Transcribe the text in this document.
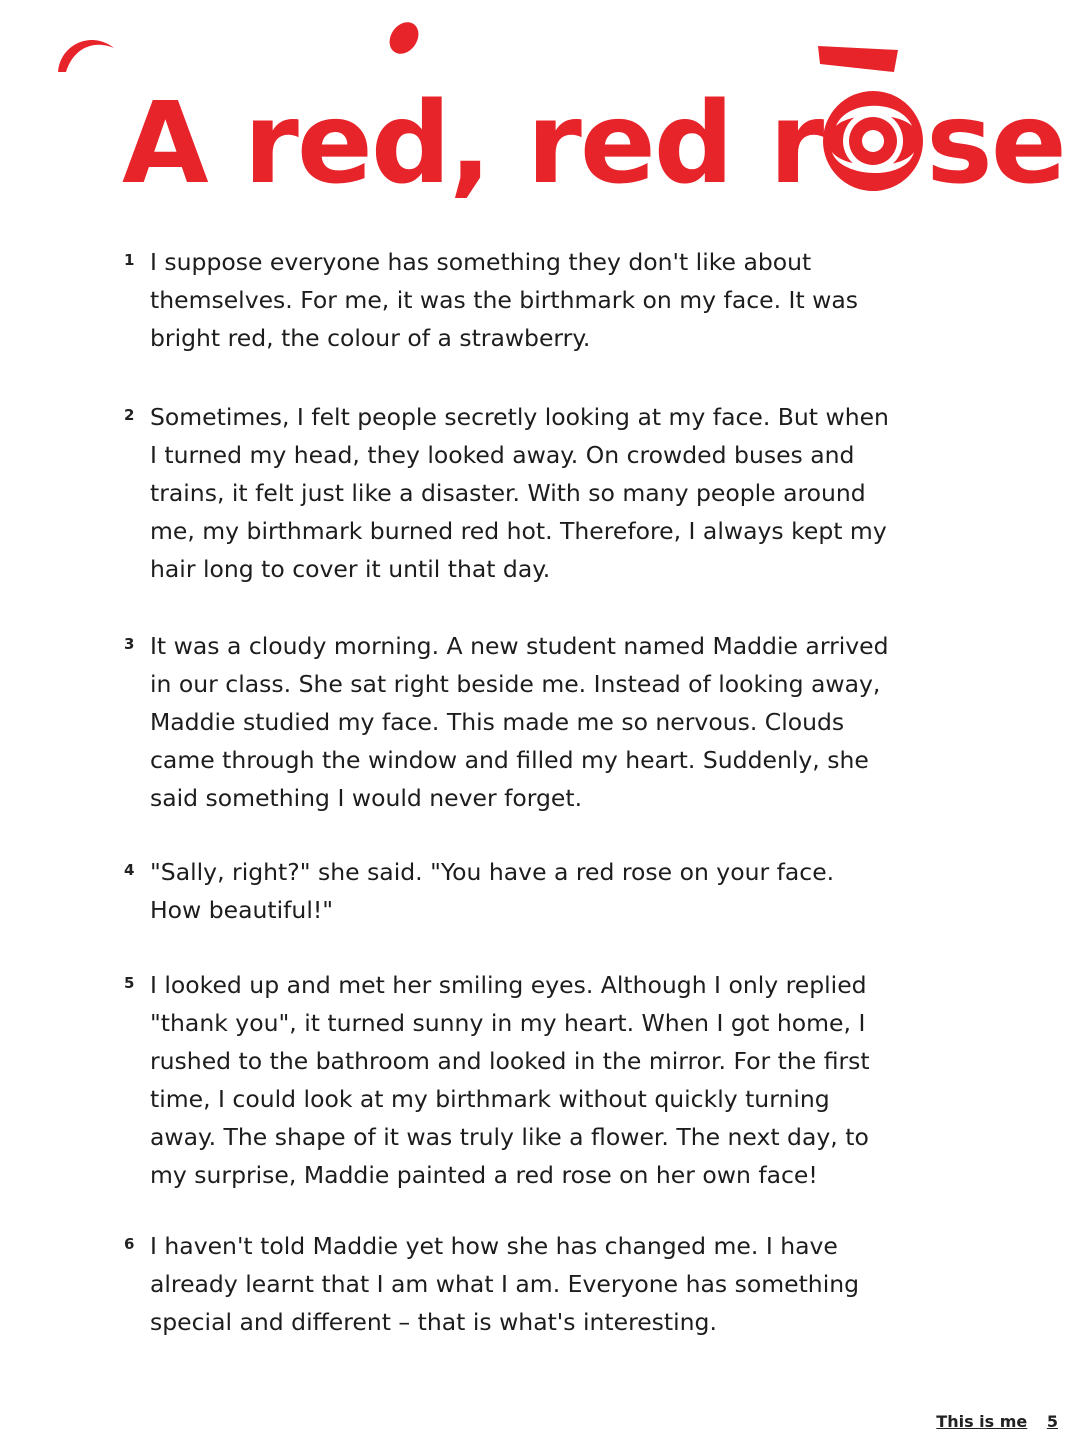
A red, red r se
1 I suppose everyone has something they don't like about themselves. For me, it was the birthmark on my face. It was bright red, the colour of a strawberry.
2 Sometimes, I felt people secretly looking at my face. But when I turned my head, they looked away. On crowded buses and trains, it felt just like a disaster. With so many people around me, my birthmark burned red hot. Therefore, I always kept my hair long to cover it until that day.
3 It was a cloudy morning. A new student named Maddie arrived in our class. She sat right beside me. Instead of looking away, Maddie studied my face. This made me so nervous. Clouds came through the window and filled my heart. Suddenly, she said something I would never forget.
4 "Sally, right?" she said. "You have a red rose on your face. How beautiful!"
5 I looked up and met her smiling eyes. Although I only replied "thank you", it turned sunny in my heart. When I got home, I rushed to the bathroom and looked in the mirror. For the first time, I could look at my birthmark without quickly turning away. The shape of it was truly like a flower. The next day, to my surprise, Maddie painted a red rose on her own face!
6 I haven't told Maddie yet how she has changed me. I have already learnt that I am what I am. Everyone has something special and different – that is what's interesting.
This is me 5
